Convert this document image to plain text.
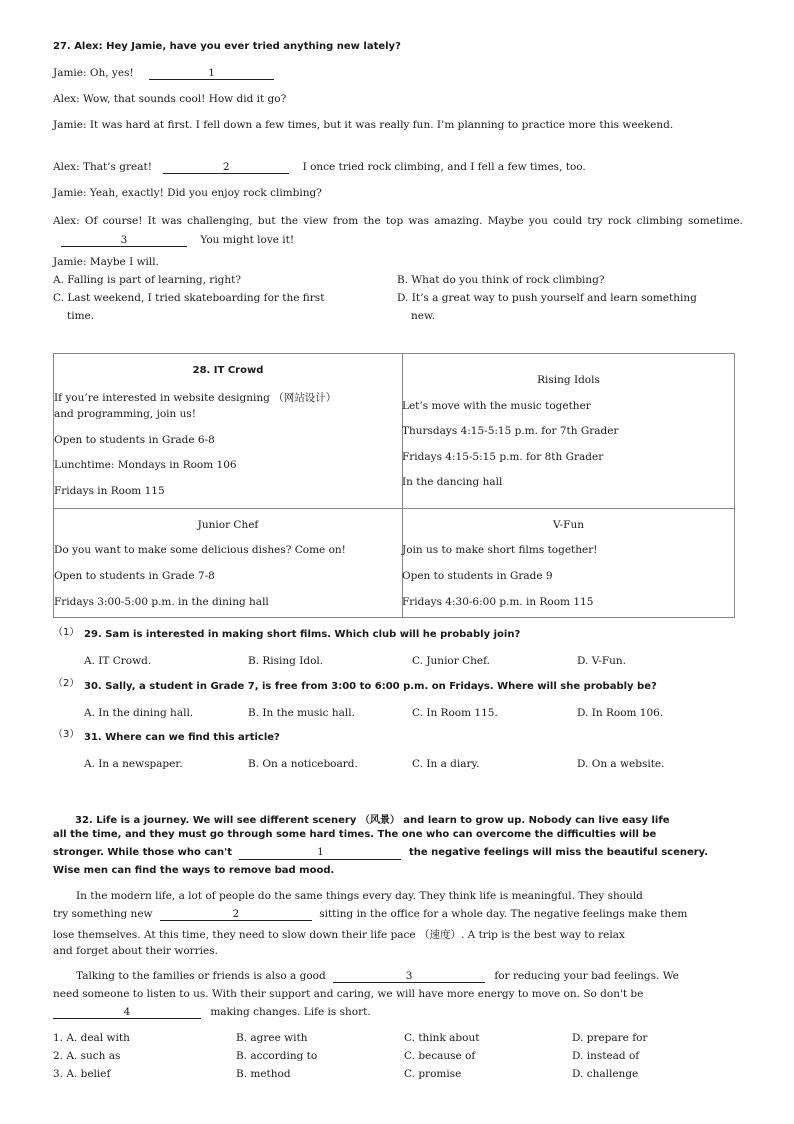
27. Alex: Hey Jamie, have you ever tried anything new lately?
Jamie: Oh, yes!	1
Alex: Wow, that sounds cool! How did it go?
Jamie: It was hard at first. I fell down a few times, but it was really fun. I’m planning to practice more this weekend.
Alex: That’s great!	2	I once tried rock climbing, and I fell a few times, too.
Jamie: Yeah, exactly! Did you enjoy rock climbing?
Alex: Of course! It was challenging, but the view from the top was amazing. Maybe you could try rock climbing sometime. 3	You might love it!
Jamie: Maybe I will.
A. Falling is part of learning, right?	B. What do you think of rock climbing?
C. Last weekend, I tried skateboarding for the first
time.
D. It’s a great way to push yourself and learn something
new.
28. IT Crowd
If you’re interested in website designing （网站设计）
and programming, join us!
Open to students in Grade 6-8
Lunchtime: Mondays in Room 106
Fridays in Room 115
Rising Idols
Let’s move with the music together
Thursdays 4:15-5:15 p.m. for 7th Grader
Fridays 4:15-5:15 p.m. for 8th Grader
In the dancing hall
Junior Chef
Do you want to make some delicious dishes? Come on!
Open to students in Grade 7-8
Fridays 3:00-5:00 p.m. in the dining hall
V-Fun
Join us to make short films together!
Open to students in Grade 9
Fridays 4:30-6:00 p.m. in Room 115
（1） 29. Sam is interested in making short films. Which club will he probably join?
A. IT Crowd.	B. Rising Idol.	C. Junior Chef.	D. V-Fun.
（2） 30. Sally, a student in Grade 7, is free from 3:00 to 6:00 p.m. on Fridays. Where will she probably be?
A. In the dining hall.	B. In the music hall.	C. In Room 115.	D. In Room 106.
（3） 31. Where can we find this article?
A. In a newspaper.	B. On a noticeboard.	C. In a diary.	D. On a website.
32. Life is a journey. We will see different scenery （风景） and learn to grow up. Nobody can live easy life
all the time, and they must go through some hard times. The one who can overcome the difficulties will be
stronger. While those who can't	1	the negative feelings will miss the beautiful scenery.
Wise men can find the ways to remove bad mood.
In the modern life, a lot of people do the same things every day. They think life is meaningful. They should
try something new	2	sitting in the office for a whole day. The negative feelings make them
lose themselves. At this time, they need to slow down their life pace （速度）. A trip is the best way to relax
and forget about their worries.
Talking to the families or friends is also a good	3	for reducing your bad feelings. We
need someone to listen to us. With their support and caring, we will have more energy to move on. So don't be
4	making changes. Life is short.
1. A. deal with	B. agree with	C. think about	D. prepare for
2. A. such as	B. according to	C. because of	D. instead of
3. A. belief	B. method	C. promise	D. challenge
